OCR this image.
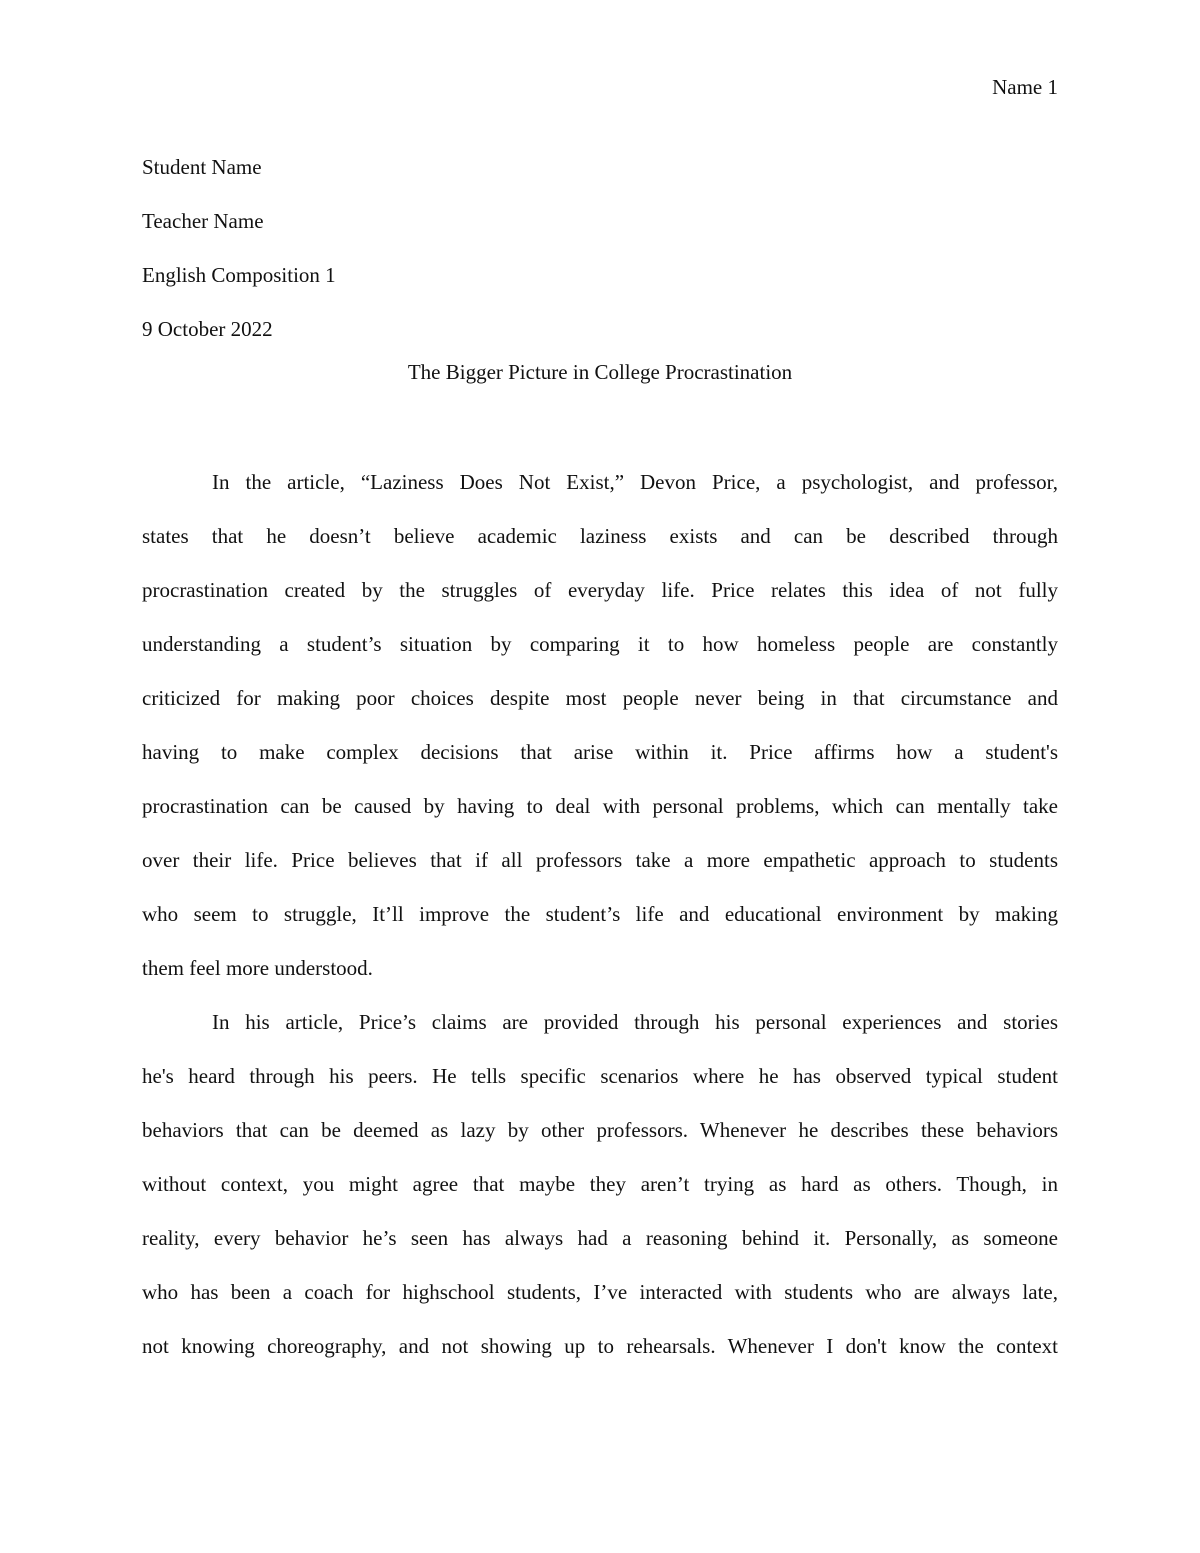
Name 1
Student Name
Teacher Name
English Composition 1
9 October 2022
The Bigger Picture in College Procrastination
In the article, “Laziness Does Not Exist,” Devon Price, a psychologist, and professor,
states that he doesn’t believe academic laziness exists and can be described through
procrastination created by the struggles of everyday life. Price relates this idea of not fully
understanding a student’s situation by comparing it to how homeless people are constantly
criticized for making poor choices despite most people never being in that circumstance and
having to make complex decisions that arise within it. Price affirms how a student's
procrastination can be caused by having to deal with personal problems, which can mentally take
over their life. Price believes that if all professors take a more empathetic approach to students
who seem to struggle, It’ll improve the student’s life and educational environment by making
them feel more understood.
In his article, Price’s claims are provided through his personal experiences and stories
he's heard through his peers. He tells specific scenarios where he has observed typical student
behaviors that can be deemed as lazy by other professors. Whenever he describes these behaviors
without context, you might agree that maybe they aren’t trying as hard as others. Though, in
reality, every behavior he’s seen has always had a reasoning behind it. Personally, as someone
who has been a coach for highschool students, I’ve interacted with students who are always late,
not knowing choreography, and not showing up to rehearsals. Whenever I don't know the context
